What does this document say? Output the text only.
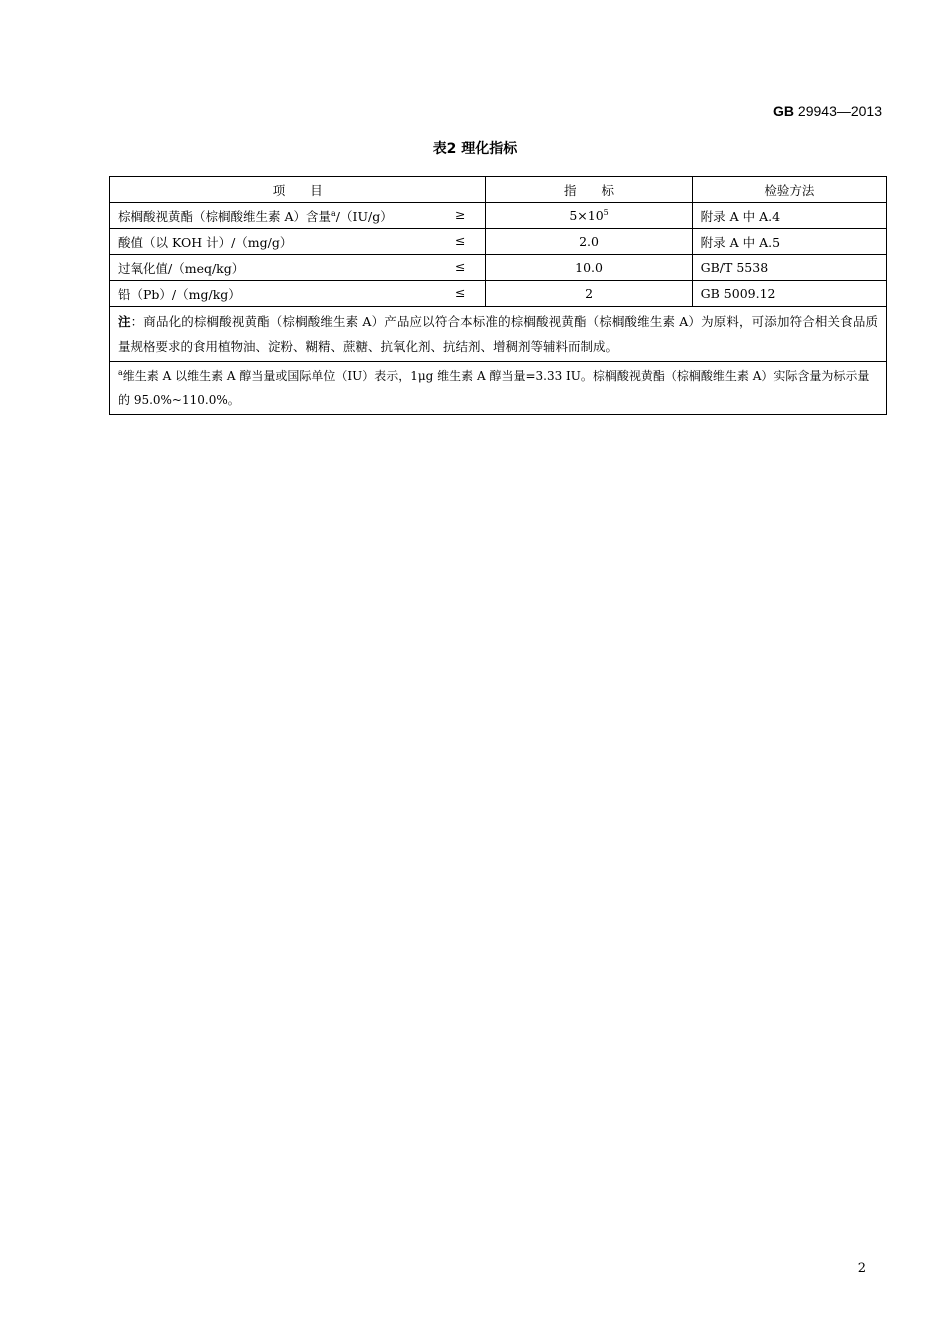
GB 29943—2013
表2 理化指标
项　　目	指　　标	检验方法
棕榈酸视黄酯（棕榈酸维生素 A）含量$^a$/（IU/g） ≥	$5\times 10^5$	附录 A 中 A.4
酸值（以 KOH 计）/（mg/g） ≤	2.0	附录 A 中 A.5
过氧化值/（meq/kg） ≤	10.0	GB/T 5538
铅（Pb）/（mg/kg） ≤	2	GB 5009.12
注：商品化的棕榈酸视黄酯（棕榈酸维生素 A）产品应以符合本标准的棕榈酸视黄酯（棕榈酸维生素 A）为原料，可添加符合相关食品质量规格要求的食用植物油、淀粉、糊精、蔗糖、抗氧化剂、抗结剂、增稠剂等辅料而制成。		
$^a$维生素 A 以维生素 A 醇当量或国际单位（IU）表示，1μg 维生素 A 醇当量=3.33 IU。棕榈酸视黄酯（棕榈酸维生素 A）实际含量为标示量的 95.0%~110.0%。		
2
